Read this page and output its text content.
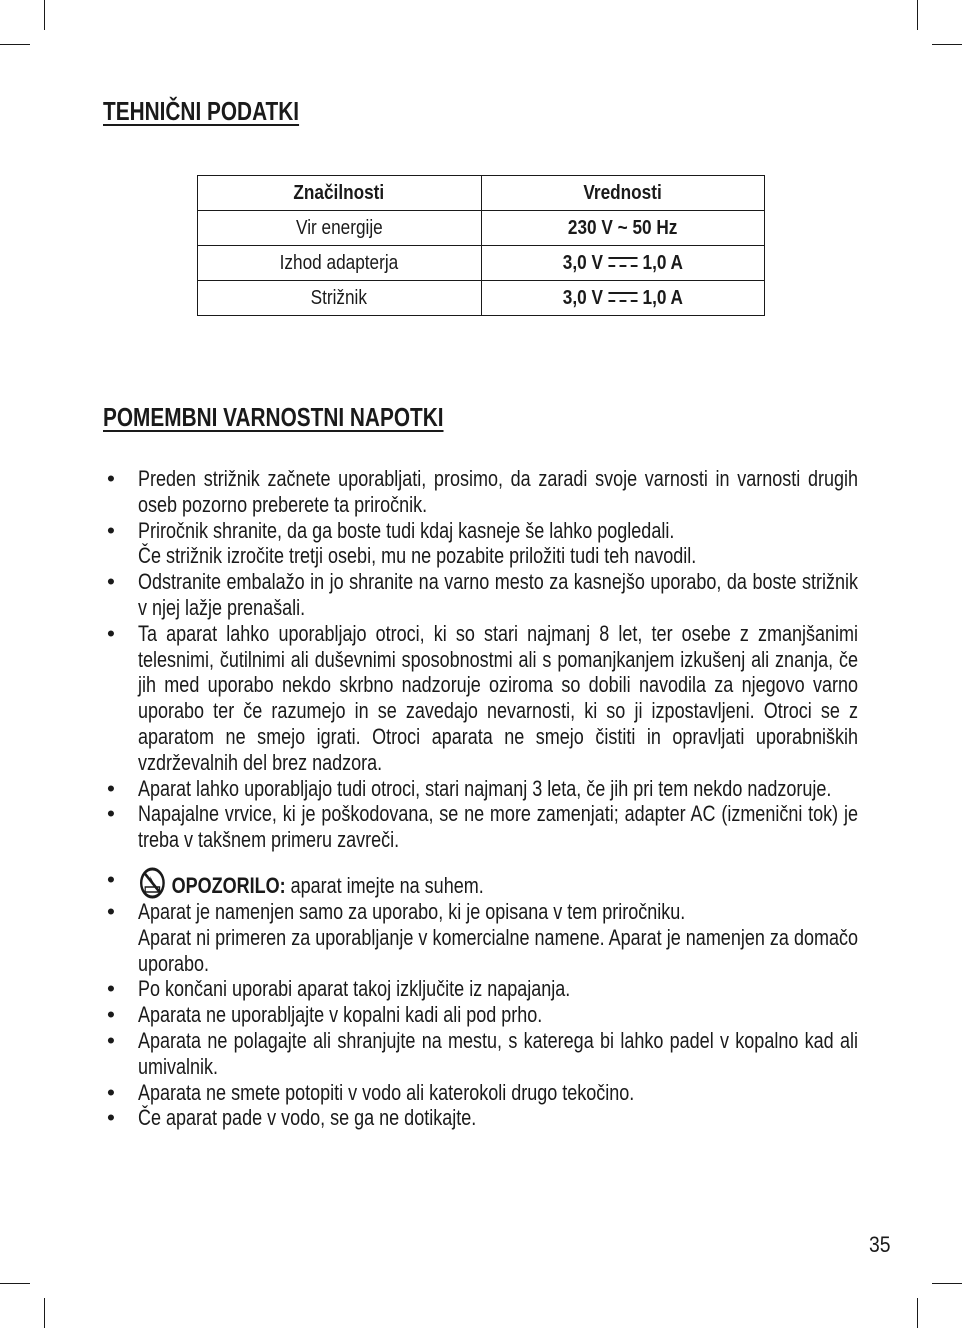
TEHNIČNI PODATKI
Značilnosti	Vrednosti
Vir energije	230 V ~ 50 Hz
Izhod adapterja	3,0 V 1,0 A
Strižnik	3,0 V 1,0 A
POMEMBNI VARNOSTNI NAPOTKI
• Preden strižnik začnete uporabljati, prosimo, da zaradi svoje varnosti in varnosti drugih oseb pozorno preberete ta priročnik.
• Priročnik shranite, da ga boste tudi kdaj kasneje še lahko pogledali.
Če strižnik izročite tretji osebi, mu ne pozabite priložiti tudi teh navodil.
• Odstranite embalažo in jo shranite na varno mesto za kasnejšo uporabo, da boste strižnik v njej lažje prenašali.
• Ta aparat lahko uporabljajo otroci, ki so stari najmanj 8 let, ter osebe z zmanjšanimi telesnimi, čutilnimi ali duševnimi sposobnostmi ali s pomanjkanjem izkušenj ali znanja, če jih med uporabo nekdo skrbno nadzoruje oziroma so dobili navodila za njegovo varno uporabo ter če razumejo in se zavedajo nevarnosti, ki so ji izpostavljeni. Otroci se z aparatom ne smejo igrati. Otroci aparata ne smejo čistiti in opravljati uporabniških vzdrževalnih del brez nadzora.
• Aparat lahko uporabljajo tudi otroci, stari najmanj 3 leta, če jih pri tem nekdo nadzoruje.
• Napajalne vrvice, ki je poškodovana, se ne more zamenjati; adapter AC (izmenični tok) je treba v takšnem primeru zavreči.
• OPOZORILO: aparat imejte na suhem.
• Aparat je namenjen samo za uporabo, ki je opisana v tem priročniku.
Aparat ni primeren za uporabljanje v komercialne namene. Aparat je namenjen za domačo uporabo.
• Po končani uporabi aparat takoj izključite iz napajanja.
• Aparata ne uporabljajte v kopalni kadi ali pod prho.
• Aparata ne polagajte ali shranjujte na mestu, s katerega bi lahko padel v kopalno kad ali umivalnik.
• Aparata ne smete potopiti v vodo ali katerokoli drugo tekočino.
• Če aparat pade v vodo, se ga ne dotikajte.
35
